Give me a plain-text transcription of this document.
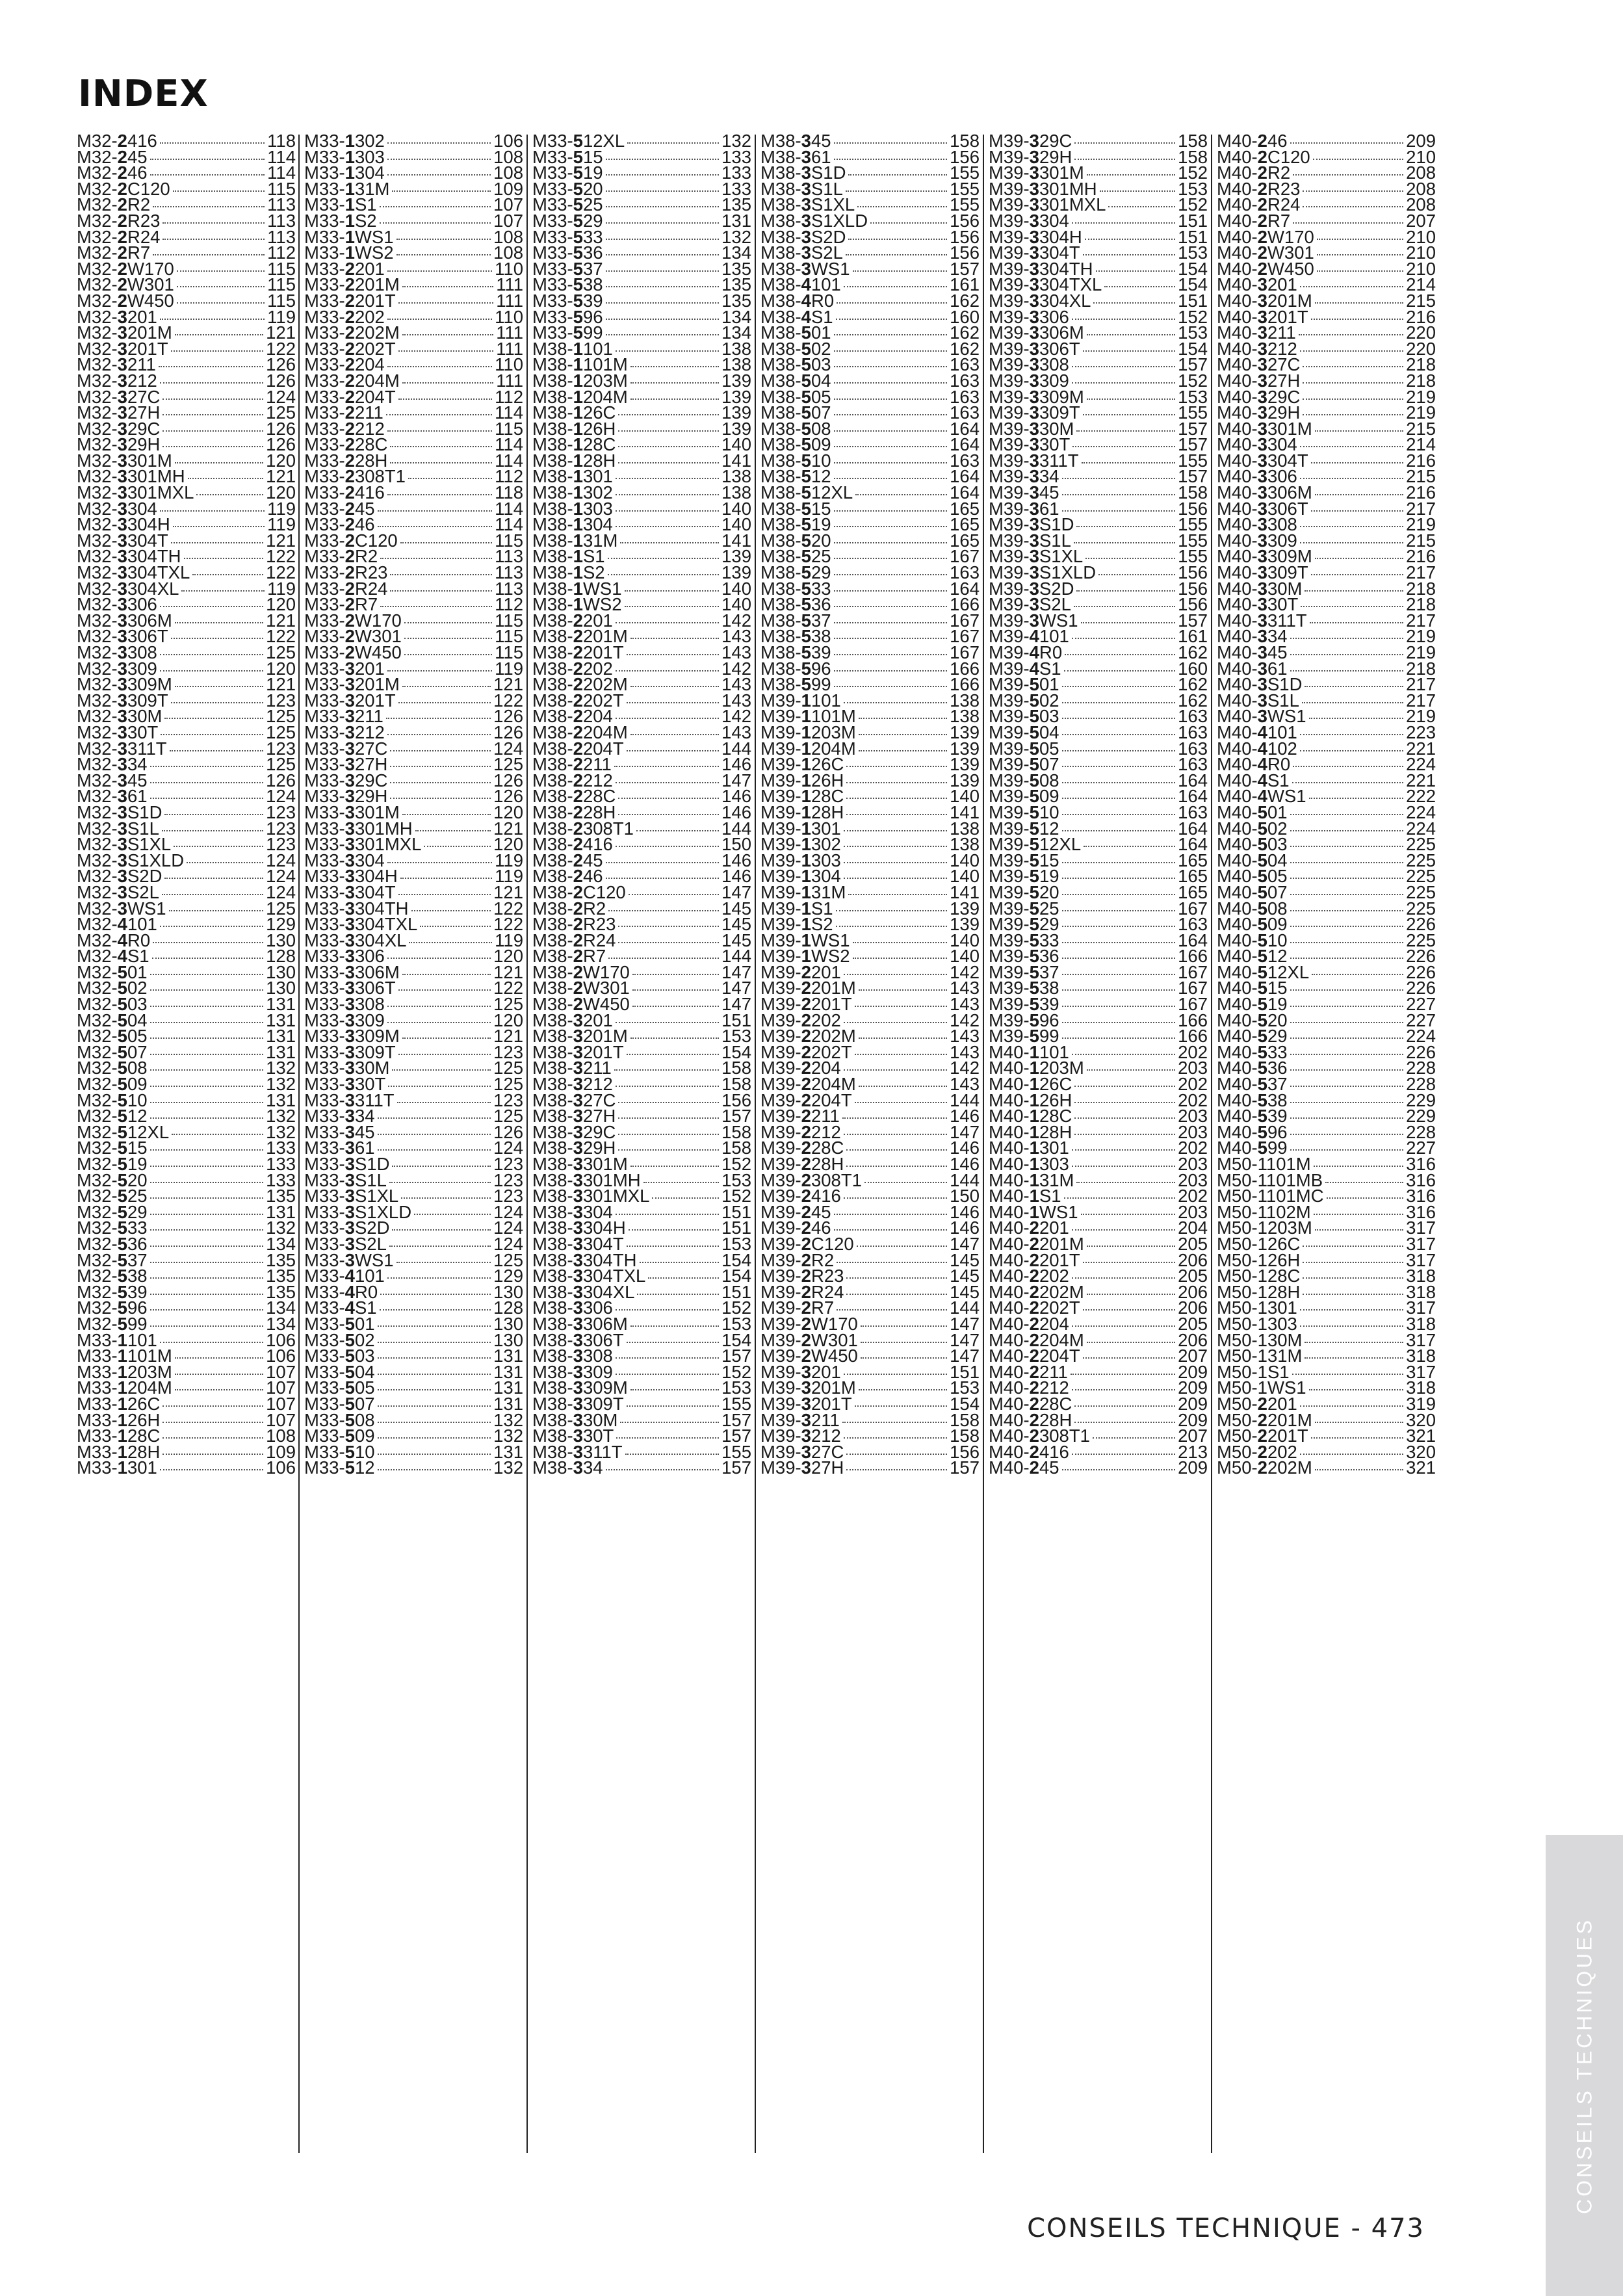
INDEX
M32-2416	118
M32-245	114
M32-246	114
M32-2C120	115
M32-2R2	113
M32-2R23	113
M32-2R24	113
M32-2R7	112
M32-2W170	115
M32-2W301	115
M32-2W450	115
M32-3201	119
M32-3201M	121
M32-3201T	122
M32-3211	126
M32-3212	126
M32-327C	124
M32-327H	125
M32-329C	126
M32-329H	126
M32-3301M	120
M32-3301MH	121
M32-3301MXL	120
M32-3304	119
M32-3304H	119
M32-3304T	121
M32-3304TH	122
M32-3304TXL	122
M32-3304XL	119
M32-3306	120
M32-3306M	121
M32-3306T	122
M32-3308	125
M32-3309	120
M32-3309M	121
M32-3309T	123
M32-330M	125
M32-330T	125
M32-3311T	123
M32-334	125
M32-345	126
M32-361	124
M32-3S1D	123
M32-3S1L	123
M32-3S1XL	123
M32-3S1XLD	124
M32-3S2D	124
M32-3S2L	124
M32-3WS1	125
M32-4101	129
M32-4R0	130
M32-4S1	128
M32-501	130
M32-502	130
M32-503	131
M32-504	131
M32-505	131
M32-507	131
M32-508	132
M32-509	132
M32-510	131
M32-512	132
M32-512XL	132
M32-515	133
M32-519	133
M32-520	133
M32-525	135
M32-529	131
M32-533	132
M32-536	134
M32-537	135
M32-538	135
M32-539	135
M32-596	134
M32-599	134
M33-1101	106
M33-1101M	106
M33-1203M	107
M33-1204M	107
M33-126C	107
M33-126H	107
M33-128C	108
M33-128H	109
M33-1301	106
M33-1302	106
M33-1303	108
M33-1304	108
M33-131M	109
M33-1S1	107
M33-1S2	107
M33-1WS1	108
M33-1WS2	108
M33-2201	110
M33-2201M	111
M33-2201T	111
M33-2202	110
M33-2202M	111
M33-2202T	111
M33-2204	110
M33-2204M	111
M33-2204T	112
M33-2211	114
M33-2212	115
M33-228C	114
M33-228H	114
M33-2308T1	112
M33-2416	118
M33-245	114
M33-246	114
M33-2C120	115
M33-2R2	113
M33-2R23	113
M33-2R24	113
M33-2R7	112
M33-2W170	115
M33-2W301	115
M33-2W450	115
M33-3201	119
M33-3201M	121
M33-3201T	122
M33-3211	126
M33-3212	126
M33-327C	124
M33-327H	125
M33-329C	126
M33-329H	126
M33-3301M	120
M33-3301MH	121
M33-3301MXL	120
M33-3304	119
M33-3304H	119
M33-3304T	121
M33-3304TH	122
M33-3304TXL	122
M33-3304XL	119
M33-3306	120
M33-3306M	121
M33-3306T	122
M33-3308	125
M33-3309	120
M33-3309M	121
M33-3309T	123
M33-330M	125
M33-330T	125
M33-3311T	123
M33-334	125
M33-345	126
M33-361	124
M33-3S1D	123
M33-3S1L	123
M33-3S1XL	123
M33-3S1XLD	124
M33-3S2D	124
M33-3S2L	124
M33-3WS1	125
M33-4101	129
M33-4R0	130
M33-4S1	128
M33-501	130
M33-502	130
M33-503	131
M33-504	131
M33-505	131
M33-507	131
M33-508	132
M33-509	132
M33-510	131
M33-512	132
M33-512XL	132
M33-515	133
M33-519	133
M33-520	133
M33-525	135
M33-529	131
M33-533	132
M33-536	134
M33-537	135
M33-538	135
M33-539	135
M33-596	134
M33-599	134
M38-1101	138
M38-1101M	138
M38-1203M	139
M38-1204M	139
M38-126C	139
M38-126H	139
M38-128C	140
M38-128H	141
M38-1301	138
M38-1302	138
M38-1303	140
M38-1304	140
M38-131M	141
M38-1S1	139
M38-1S2	139
M38-1WS1	140
M38-1WS2	140
M38-2201	142
M38-2201M	143
M38-2201T	143
M38-2202	142
M38-2202M	143
M38-2202T	143
M38-2204	142
M38-2204M	143
M38-2204T	144
M38-2211	146
M38-2212	147
M38-228C	146
M38-228H	146
M38-2308T1	144
M38-2416	150
M38-245	146
M38-246	146
M38-2C120	147
M38-2R2	145
M38-2R23	145
M38-2R24	145
M38-2R7	144
M38-2W170	147
M38-2W301	147
M38-2W450	147
M38-3201	151
M38-3201M	153
M38-3201T	154
M38-3211	158
M38-3212	158
M38-327C	156
M38-327H	157
M38-329C	158
M38-329H	158
M38-3301M	152
M38-3301MH	153
M38-3301MXL	152
M38-3304	151
M38-3304H	151
M38-3304T	153
M38-3304TH	154
M38-3304TXL	154
M38-3304XL	151
M38-3306	152
M38-3306M	153
M38-3306T	154
M38-3308	157
M38-3309	152
M38-3309M	153
M38-3309T	155
M38-330M	157
M38-330T	157
M38-3311T	155
M38-334	157
M38-345	158
M38-361	156
M38-3S1D	155
M38-3S1L	155
M38-3S1XL	155
M38-3S1XLD	156
M38-3S2D	156
M38-3S2L	156
M38-3WS1	157
M38-4101	161
M38-4R0	162
M38-4S1	160
M38-501	162
M38-502	162
M38-503	163
M38-504	163
M38-505	163
M38-507	163
M38-508	164
M38-509	164
M38-510	163
M38-512	164
M38-512XL	164
M38-515	165
M38-519	165
M38-520	165
M38-525	167
M38-529	163
M38-533	164
M38-536	166
M38-537	167
M38-538	167
M38-539	167
M38-596	166
M38-599	166
M39-1101	138
M39-1101M	138
M39-1203M	139
M39-1204M	139
M39-126C	139
M39-126H	139
M39-128C	140
M39-128H	141
M39-1301	138
M39-1302	138
M39-1303	140
M39-1304	140
M39-131M	141
M39-1S1	139
M39-1S2	139
M39-1WS1	140
M39-1WS2	140
M39-2201	142
M39-2201M	143
M39-2201T	143
M39-2202	142
M39-2202M	143
M39-2202T	143
M39-2204	142
M39-2204M	143
M39-2204T	144
M39-2211	146
M39-2212	147
M39-228C	146
M39-228H	146
M39-2308T1	144
M39-2416	150
M39-245	146
M39-246	146
M39-2C120	147
M39-2R2	145
M39-2R23	145
M39-2R24	145
M39-2R7	144
M39-2W170	147
M39-2W301	147
M39-2W450	147
M39-3201	151
M39-3201M	153
M39-3201T	154
M39-3211	158
M39-3212	158
M39-327C	156
M39-327H	157
M39-329C	158
M39-329H	158
M39-3301M	152
M39-3301MH	153
M39-3301MXL	152
M39-3304	151
M39-3304H	151
M39-3304T	153
M39-3304TH	154
M39-3304TXL	154
M39-3304XL	151
M39-3306	152
M39-3306M	153
M39-3306T	154
M39-3308	157
M39-3309	152
M39-3309M	153
M39-3309T	155
M39-330M	157
M39-330T	157
M39-3311T	155
M39-334	157
M39-345	158
M39-361	156
M39-3S1D	155
M39-3S1L	155
M39-3S1XL	155
M39-3S1XLD	156
M39-3S2D	156
M39-3S2L	156
M39-3WS1	157
M39-4101	161
M39-4R0	162
M39-4S1	160
M39-501	162
M39-502	162
M39-503	163
M39-504	163
M39-505	163
M39-507	163
M39-508	164
M39-509	164
M39-510	163
M39-512	164
M39-512XL	164
M39-515	165
M39-519	165
M39-520	165
M39-525	167
M39-529	163
M39-533	164
M39-536	166
M39-537	167
M39-538	167
M39-539	167
M39-596	166
M39-599	166
M40-1101	202
M40-1203M	203
M40-126C	202
M40-126H	202
M40-128C	203
M40-128H	203
M40-1301	202
M40-1303	203
M40-131M	203
M40-1S1	202
M40-1WS1	203
M40-2201	204
M40-2201M	205
M40-2201T	206
M40-2202	205
M40-2202M	206
M40-2202T	206
M40-2204	205
M40-2204M	206
M40-2204T	207
M40-2211	209
M40-2212	209
M40-228C	209
M40-228H	209
M40-2308T1	207
M40-2416	213
M40-245	209
M40-246	209
M40-2C120	210
M40-2R2	208
M40-2R23	208
M40-2R24	208
M40-2R7	207
M40-2W170	210
M40-2W301	210
M40-2W450	210
M40-3201	214
M40-3201M	215
M40-3201T	216
M40-3211	220
M40-3212	220
M40-327C	218
M40-327H	218
M40-329C	219
M40-329H	219
M40-3301M	215
M40-3304	214
M40-3304T	216
M40-3306	215
M40-3306M	216
M40-3306T	217
M40-3308	219
M40-3309	215
M40-3309M	216
M40-3309T	217
M40-330M	218
M40-330T	218
M40-3311T	217
M40-334	219
M40-345	219
M40-361	218
M40-3S1D	217
M40-3S1L	217
M40-3WS1	219
M40-4101	223
M40-4102	221
M40-4R0	224
M40-4S1	221
M40-4WS1	222
M40-501	224
M40-502	224
M40-503	225
M40-504	225
M40-505	225
M40-507	225
M40-508	225
M40-509	226
M40-510	225
M40-512	226
M40-512XL	226
M40-515	226
M40-519	227
M40-520	227
M40-529	224
M40-533	226
M40-536	228
M40-537	228
M40-538	229
M40-539	229
M40-596	228
M40-599	227
M50-1101M	316
M50-1101MB	316
M50-1101MC	316
M50-1102M	316
M50-1203M	317
M50-126C	317
M50-126H	317
M50-128C	318
M50-128H	318
M50-1301	317
M50-1303	318
M50-130M	317
M50-131M	318
M50-1S1	317
M50-1WS1	318
M50-2201	319
M50-2201M	320
M50-2201T	321
M50-2202	320
M50-2202M	321
CONSEILS TECHNIQUES
CONSEILS TECHNIQUE - 473
